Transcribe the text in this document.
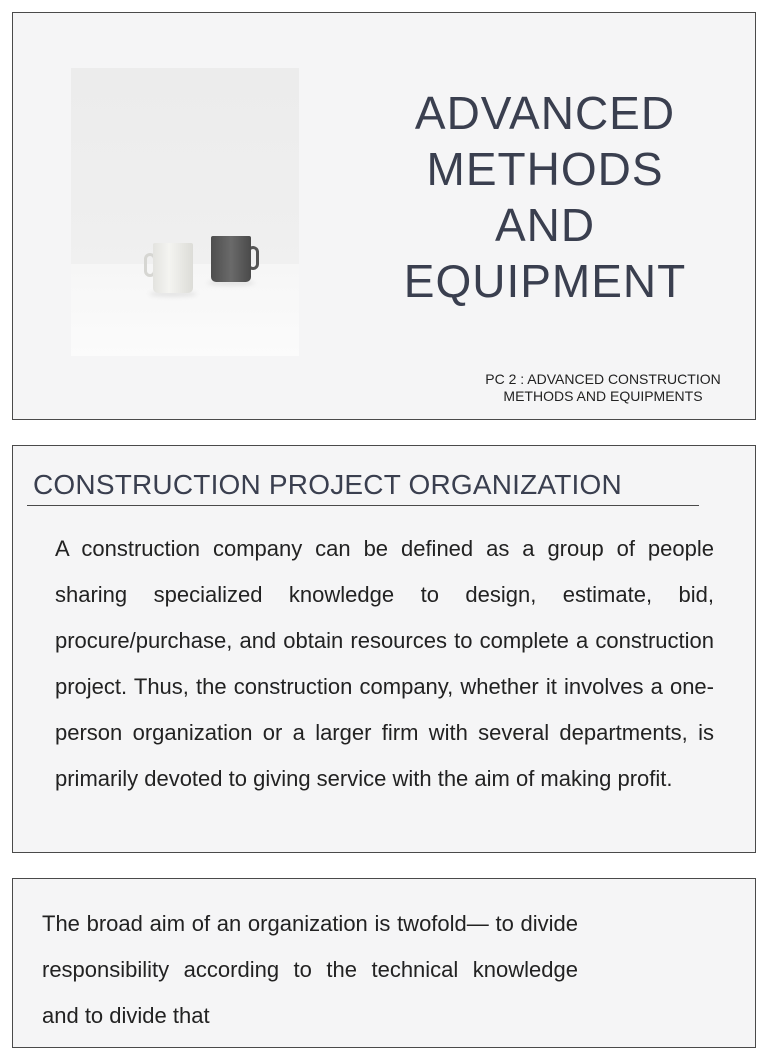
ADVANCED
METHODS
AND
EQUIPMENT
PC 2 : ADVANCED CONSTRUCTION
METHODS AND EQUIPMENTS
CONSTRUCTION PROJECT ORGANIZATION
A construction company can be defined as a group of people sharing specialized knowledge to design, estimate, bid, procure/purchase, and obtain resources to complete a construction project. Thus, the construction company, whether it involves a one-person organization or a larger firm with several departments, is primarily devoted to giving service with the aim of making profit.
The broad aim of an organization is twofold— to divide responsibility according to the technical knowledge and to divide that
